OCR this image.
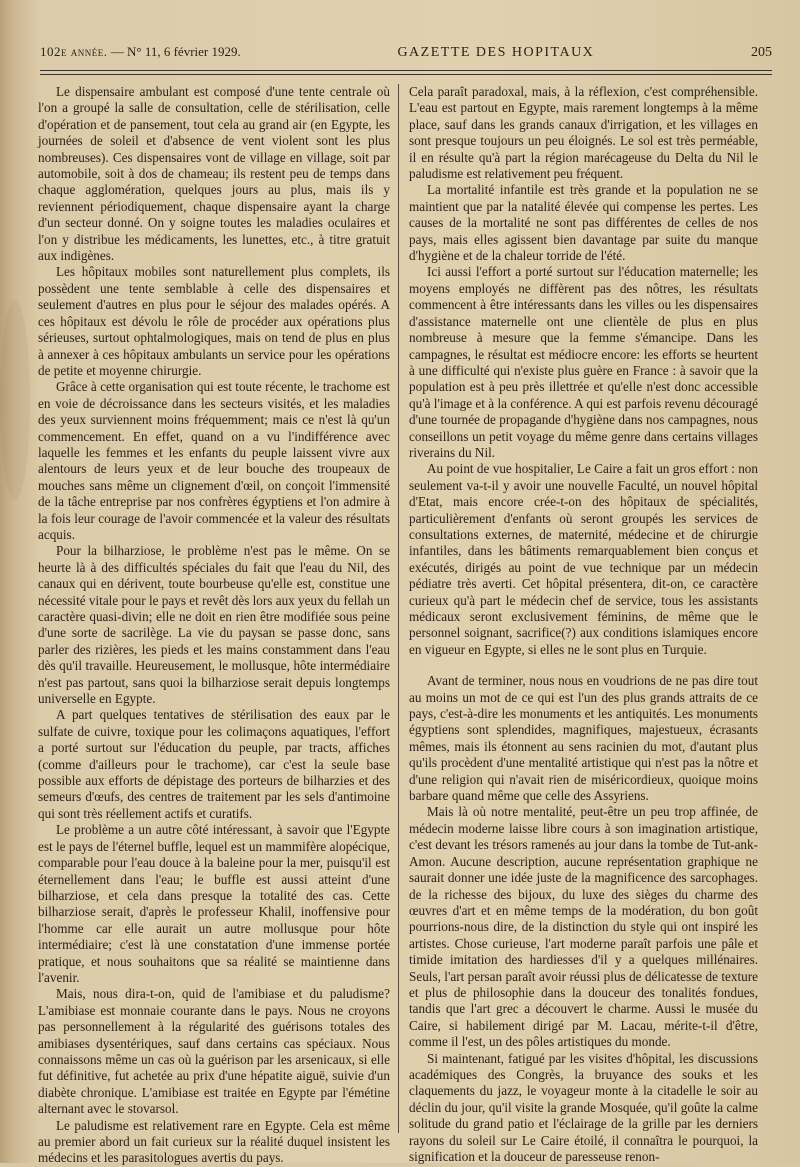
102e année. — N° 11, 6 février 1929.	GAZETTE DES HOPITAUX	205

Le dispensaire ambulant est composé d'une tente centrale où l'on a groupé la salle de consultation, celle de stérilisation, celle d'opération et de pansement, tout cela au grand air (en Egypte, les journées de soleil et d'absence de vent violent sont les plus nombreuses). Ces dispensaires vont de village en village, soit par automobile, soit à dos de chameau; ils restent peu de temps dans chaque agglomération, quelques jours au plus, mais ils y reviennent périodiquement, chaque dispensaire ayant la charge d'un secteur donné. On y soigne toutes les maladies oculaires et l'on y distribue les médicaments, les lunettes, etc., à titre gratuit aux indigènes.

Les hôpitaux mobiles sont naturellement plus complets, ils possèdent une tente semblable à celle des dispensaires et seulement d'autres en plus pour le séjour des malades opérés. A ces hôpitaux est dévolu le rôle de procéder aux opérations plus sérieuses, surtout ophtalmologiques, mais on tend de plus en plus à annexer à ces hôpitaux ambulants un service pour les opérations de petite et moyenne chirurgie.

Grâce à cette organisation qui est toute récente, le trachome est en voie de décroissance dans les secteurs visités, et les maladies des yeux surviennent moins fréquemment; mais ce n'est là qu'un commencement. En effet, quand on a vu l'indifférence avec laquelle les femmes et les enfants du peuple laissent vivre aux alentours de leurs yeux et de leur bouche des troupeaux de mouches sans même un clignement d'œil, on conçoit l'immensité de la tâche entreprise par nos confrères égyptiens et l'on admire à la fois leur courage de l'avoir commencée et la valeur des résultats acquis.

Pour la bilharziose, le problème n'est pas le même. On se heurte là à des difficultés spéciales du fait que l'eau du Nil, des canaux qui en dérivent, toute bourbeuse qu'elle est, constitue une nécessité vitale pour le pays et revêt dès lors aux yeux du fellah un caractère quasi-divin; elle ne doit en rien être modifiée sous peine d'une sorte de sacrilège. La vie du paysan se passe donc, sans parler des rizières, les pieds et les mains constamment dans l'eau dès qu'il travaille. Heureusement, le mollusque, hôte intermédiaire n'est pas partout, sans quoi la bilharziose serait depuis longtemps universelle en Egypte.

A part quelques tentatives de stérilisation des eaux par le sulfate de cuivre, toxique pour les colimaçons aquatiques, l'effort a porté surtout sur l'éducation du peuple, par tracts, affiches (comme d'ailleurs pour le trachome), car c'est la seule base possible aux efforts de dépistage des porteurs de bilharzies et des semeurs d'œufs, des centres de traitement par les sels d'antimoine qui sont très réellement actifs et curatifs.

Le problème a un autre côté intéressant, à savoir que l'Egypte est le pays de l'éternel buffle, lequel est un mammifère alopécique, comparable pour l'eau douce à la baleine pour la mer, puisqu'il est éternellement dans l'eau; le buffle est aussi atteint d'une bilharziose, et cela dans presque la totalité des cas. Cette bilharziose serait, d'après le professeur Khalil, inoffensive pour l'homme car elle aurait un autre mollusque pour hôte intermédiaire; c'est là une constatation d'une immense portée pratique, et nous souhaitons que sa réalité se maintienne dans l'avenir.

Mais, nous dira-t-on, quid de l'amibiase et du paludisme? L'amibiase est monnaie courante dans le pays. Nous ne croyons pas personnellement à la régularité des guérisons totales des amibiases dysentériques, sauf dans certains cas spéciaux. Nous connaissons même un cas où la guérison par les arsenicaux, si elle fut définitive, fut achetée au prix d'une hépatite aiguë, suivie d'un diabète chronique. L'amibiase est traitée en Egypte par l'émétine alternant avec le stovarsol.

Le paludisme est relativement rare en Egypte. Cela est même au premier abord un fait curieux sur la réalité duquel insistent les médecins et les parasitologues avertis du pays.

Cela paraît paradoxal, mais, à la réflexion, c'est compréhensible. L'eau est partout en Egypte, mais rarement longtemps à la même place, sauf dans les grands canaux d'irrigation, et les villages en sont presque toujours un peu éloignés. Le sol est très perméable, il en résulte qu'à part la région marécageuse du Delta du Nil le paludisme est relativement peu fréquent.

La mortalité infantile est très grande et la population ne se maintient que par la natalité élevée qui compense les pertes. Les causes de la mortalité ne sont pas différentes de celles de nos pays, mais elles agissent bien davantage par suite du manque d'hygiène et de la chaleur torride de l'été.

Ici aussi l'effort a porté surtout sur l'éducation maternelle; les moyens employés ne diffèrent pas des nôtres, les résultats commencent à être intéressants dans les villes ou les dispensaires d'assistance maternelle ont une clientèle de plus en plus nombreuse à mesure que la femme s'émancipe. Dans les campagnes, le résultat est médiocre encore: les efforts se heurtent à une difficulté qui n'existe plus guère en France : à savoir que la population est à peu près illettrée et qu'elle n'est donc accessible qu'à l'image et à la conférence. A qui est parfois revenu découragé d'une tournée de propagande d'hygiène dans nos campagnes, nous conseillons un petit voyage du même genre dans certains villages riverains du Nil.

Au point de vue hospitalier, Le Caire a fait un gros effort : non seulement va-t-il y avoir une nouvelle Faculté, un nouvel hôpital d'Etat, mais encore crée-t-on des hôpitaux de spécialités, particulièrement d'enfants où seront groupés les services de consultations externes, de maternité, médecine et de chirurgie infantiles, dans les bâtiments remarquablement bien conçus et exécutés, dirigés au point de vue technique par un médecin pédiatre très averti. Cet hôpital présentera, dit-on, ce caractère curieux qu'à part le médecin chef de service, tous les assistants médicaux seront exclusivement féminins, de même que le personnel soignant, sacrifice(?) aux conditions islamiques encore en vigueur en Egypte, si elles ne le sont plus en Turquie.

Avant de terminer, nous nous en voudrions de ne pas dire tout au moins un mot de ce qui est l'un des plus grands attraits de ce pays, c'est-à-dire les monuments et les antiquités. Les monuments égyptiens sont splendides, magnifiques, majestueux, écrasants mêmes, mais ils étonnent au sens racinien du mot, d'autant plus qu'ils procèdent d'une mentalité artistique qui n'est pas la nôtre et d'une religion qui n'avait rien de miséricordieux, quoique moins barbare quand même que celle des Assyriens.

Mais là où notre mentalité, peut-être un peu trop affinée, de médecin moderne laisse libre cours à son imagination artistique, c'est devant les trésors ramenés au jour dans la tombe de Tut-ank-Amon. Aucune description, aucune représentation graphique ne saurait donner une idée juste de la magnificence des sarcophages. de la richesse des bijoux, du luxe des sièges du charme des œuvres d'art et en même temps de la modération, du bon goût pourrions-nous dire, de la distinction du style qui ont inspiré les artistes. Chose curieuse, l'art moderne paraît parfois une pâle et timide imitation des hardiesses d'il y a quelques millénaires. Seuls, l'art persan paraît avoir réussi plus de délicatesse de texture et plus de philosophie dans la douceur des tonalités fondues, tandis que l'art grec a découvert le charme. Aussi le musée du Caire, si habilement dirigé par M. Lacau, mérite-t-il d'être, comme il l'est, un des pôles artistiques du monde.

Si maintenant, fatigué par les visites d'hôpital, les discussions académiques des Congrès, la bruyance des souks et les claquements du jazz, le voyageur monte à la citadelle le soir au déclin du jour, qu'il visite la grande Mosquée, qu'il goûte la calme solitude du grand patio et l'éclairage de la grille par les derniers rayons du soleil sur Le Caire étoilé, il connaîtra le pourquoi, la signification et la douceur de paresseuse renon-
